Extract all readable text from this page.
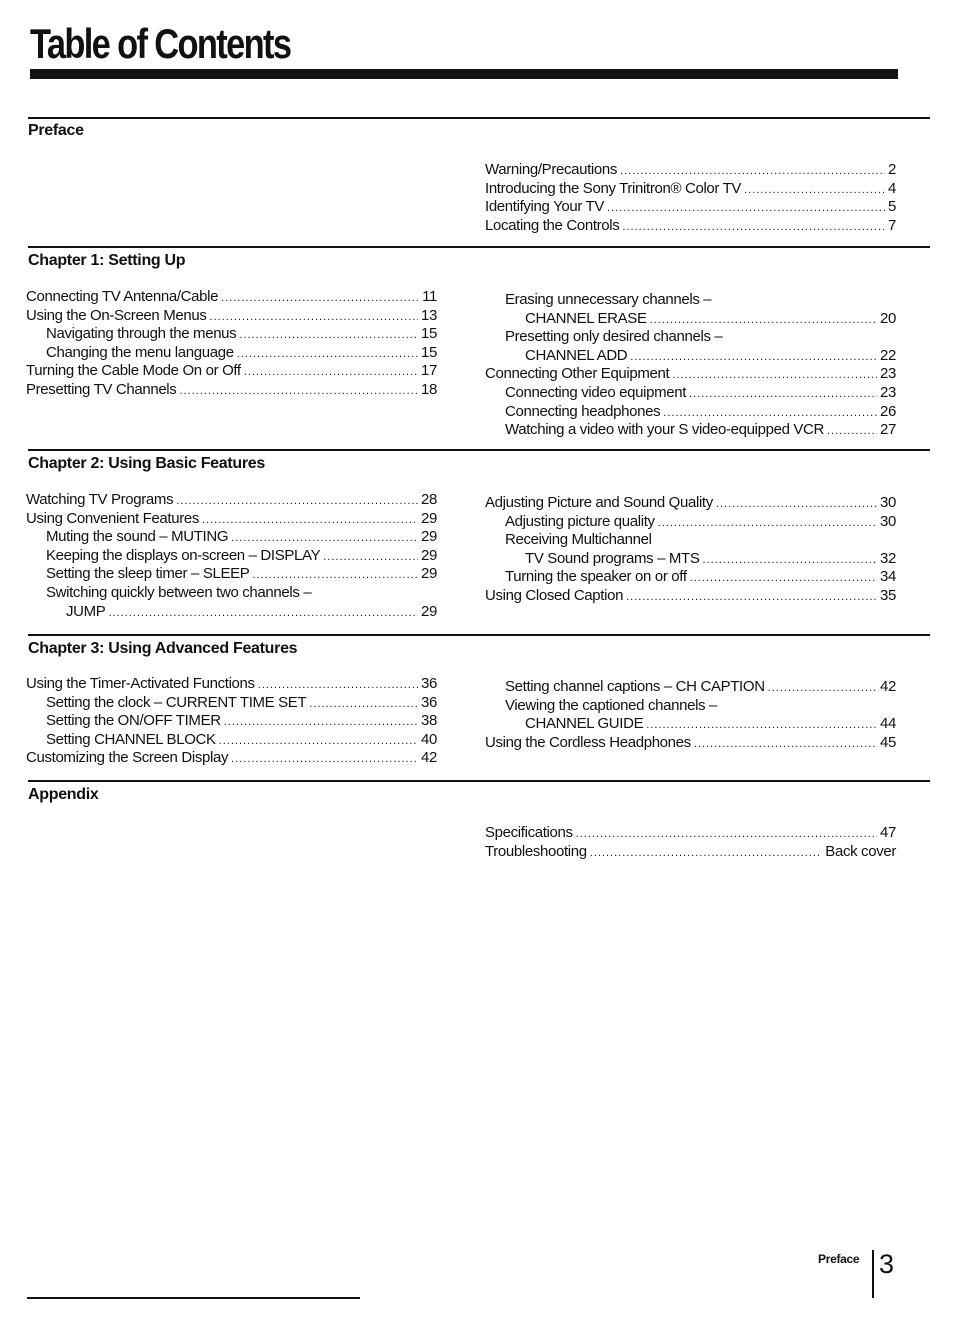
Table of Contents
Preface
Warning/Precautions .....	2
Introducing the Sony Trinitron® Color TV .....	4
Identifying Your TV .....	5
Locating the Controls .....	7
Chapter 1: Setting Up
Connecting TV Antenna/Cable .....	11
Using the On-Screen Menus .....	13
Navigating through the menus .....	15
Changing the menu language .....	15
Turning the Cable Mode On or Off .....	17
Presetting TV Channels .....	18
Erasing unnecessary channels –
CHANNEL ERASE .....	20
Presetting only desired channels –
CHANNEL ADD .....	22
Connecting Other Equipment .....	23
Connecting video equipment .....	23
Connecting headphones .....	26
Watching a video with your S video-equipped VCR .....	27
Chapter 2: Using Basic Features
Watching TV Programs .....	28
Using Convenient Features .....	29
Muting the sound – MUTING .....	29
Keeping the displays on-screen – DISPLAY .....	29
Setting the sleep timer – SLEEP .....	29
Switching quickly between two channels –
JUMP .....	29
Adjusting Picture and Sound Quality .....	30
Adjusting picture quality .....	30
Receiving Multichannel
TV Sound programs – MTS .....	32
Turning the speaker on or off .....	34
Using Closed Caption .....	35
Chapter 3: Using Advanced Features
Using the Timer-Activated Functions .....	36
Setting the clock – CURRENT TIME SET .....	36
Setting the ON/OFF TIMER .....	38
Setting CHANNEL BLOCK .....	40
Customizing the Screen Display .....	42
Setting channel captions – CH CAPTION .....	42
Viewing the captioned channels –
CHANNEL GUIDE .....	44
Using the Cordless Headphones .....	45
Appendix
Specifications .....	47
Troubleshooting .....	Back cover
Preface 3
